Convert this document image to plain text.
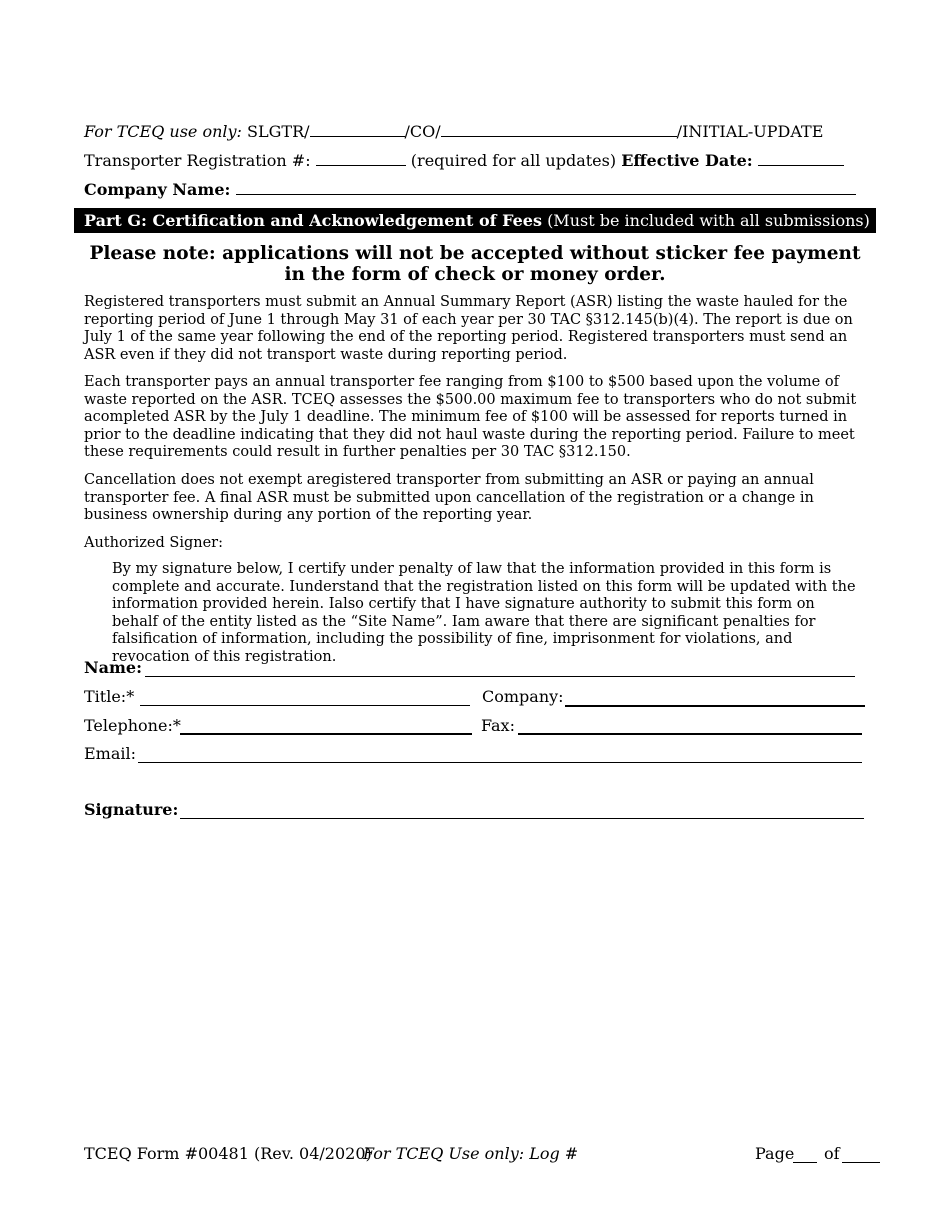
For TCEQ use only: SLGTR/	/CO/	/INITIAL-UPDATE
Transporter Registration #:	(required for all updates) Effective Date:
Company Name:
Part G: Certification and Acknowledgement of Fees (Must be included with all submissions)
Please note: applications will not be accepted without sticker fee payment in the form of check or money order.

Registered transporters must submit an Annual Summary Report (ASR) listing the waste hauled for the reporting period of June 1 through May 31 of each year per 30 TAC §312.145(b)(4). The report is due on July 1 of the same year following the end of the reporting period. Registered transporters must send an ASR even if they did not transport waste during reporting period.

Each transporter pays an annual transporter fee ranging from $100 to $500 based upon the volume of waste reported on the ASR. TCEQ assesses the $500.00 maximum fee to transporters who do not submit acompleted ASR by the July 1 deadline. The minimum fee of $100 will be assessed for reports turned in prior to the deadline indicating that they did not haul waste during the reporting period. Failure to meet these requirements could result in further penalties per 30 TAC §312.150.

Cancellation does not exempt aregistered transporter from submitting an ASR or paying an annual transporter fee. A final ASR must be submitted upon cancellation of the registration or a change in business ownership during any portion of the reporting year.

Authorized Signer:

By my signature below, I certify under penalty of law that the information provided in this form is complete and accurate. Iunderstand that the registration listed on this form will be updated with the information provided herein. Ialso certify that I have signature authority to submit this form on behalf of the entity listed as the “Site Name”. Iam aware that there are significant penalties for falsification of information, including the possibility of fine, imprisonment for violations, and revocation of this registration.

Name:
Title:*	Company:
Telephone:*	Fax:
Email:
Signature:
TCEQ Form #00481 (Rev. 04/2020)
For TCEQ Use only: Log #	Page of
